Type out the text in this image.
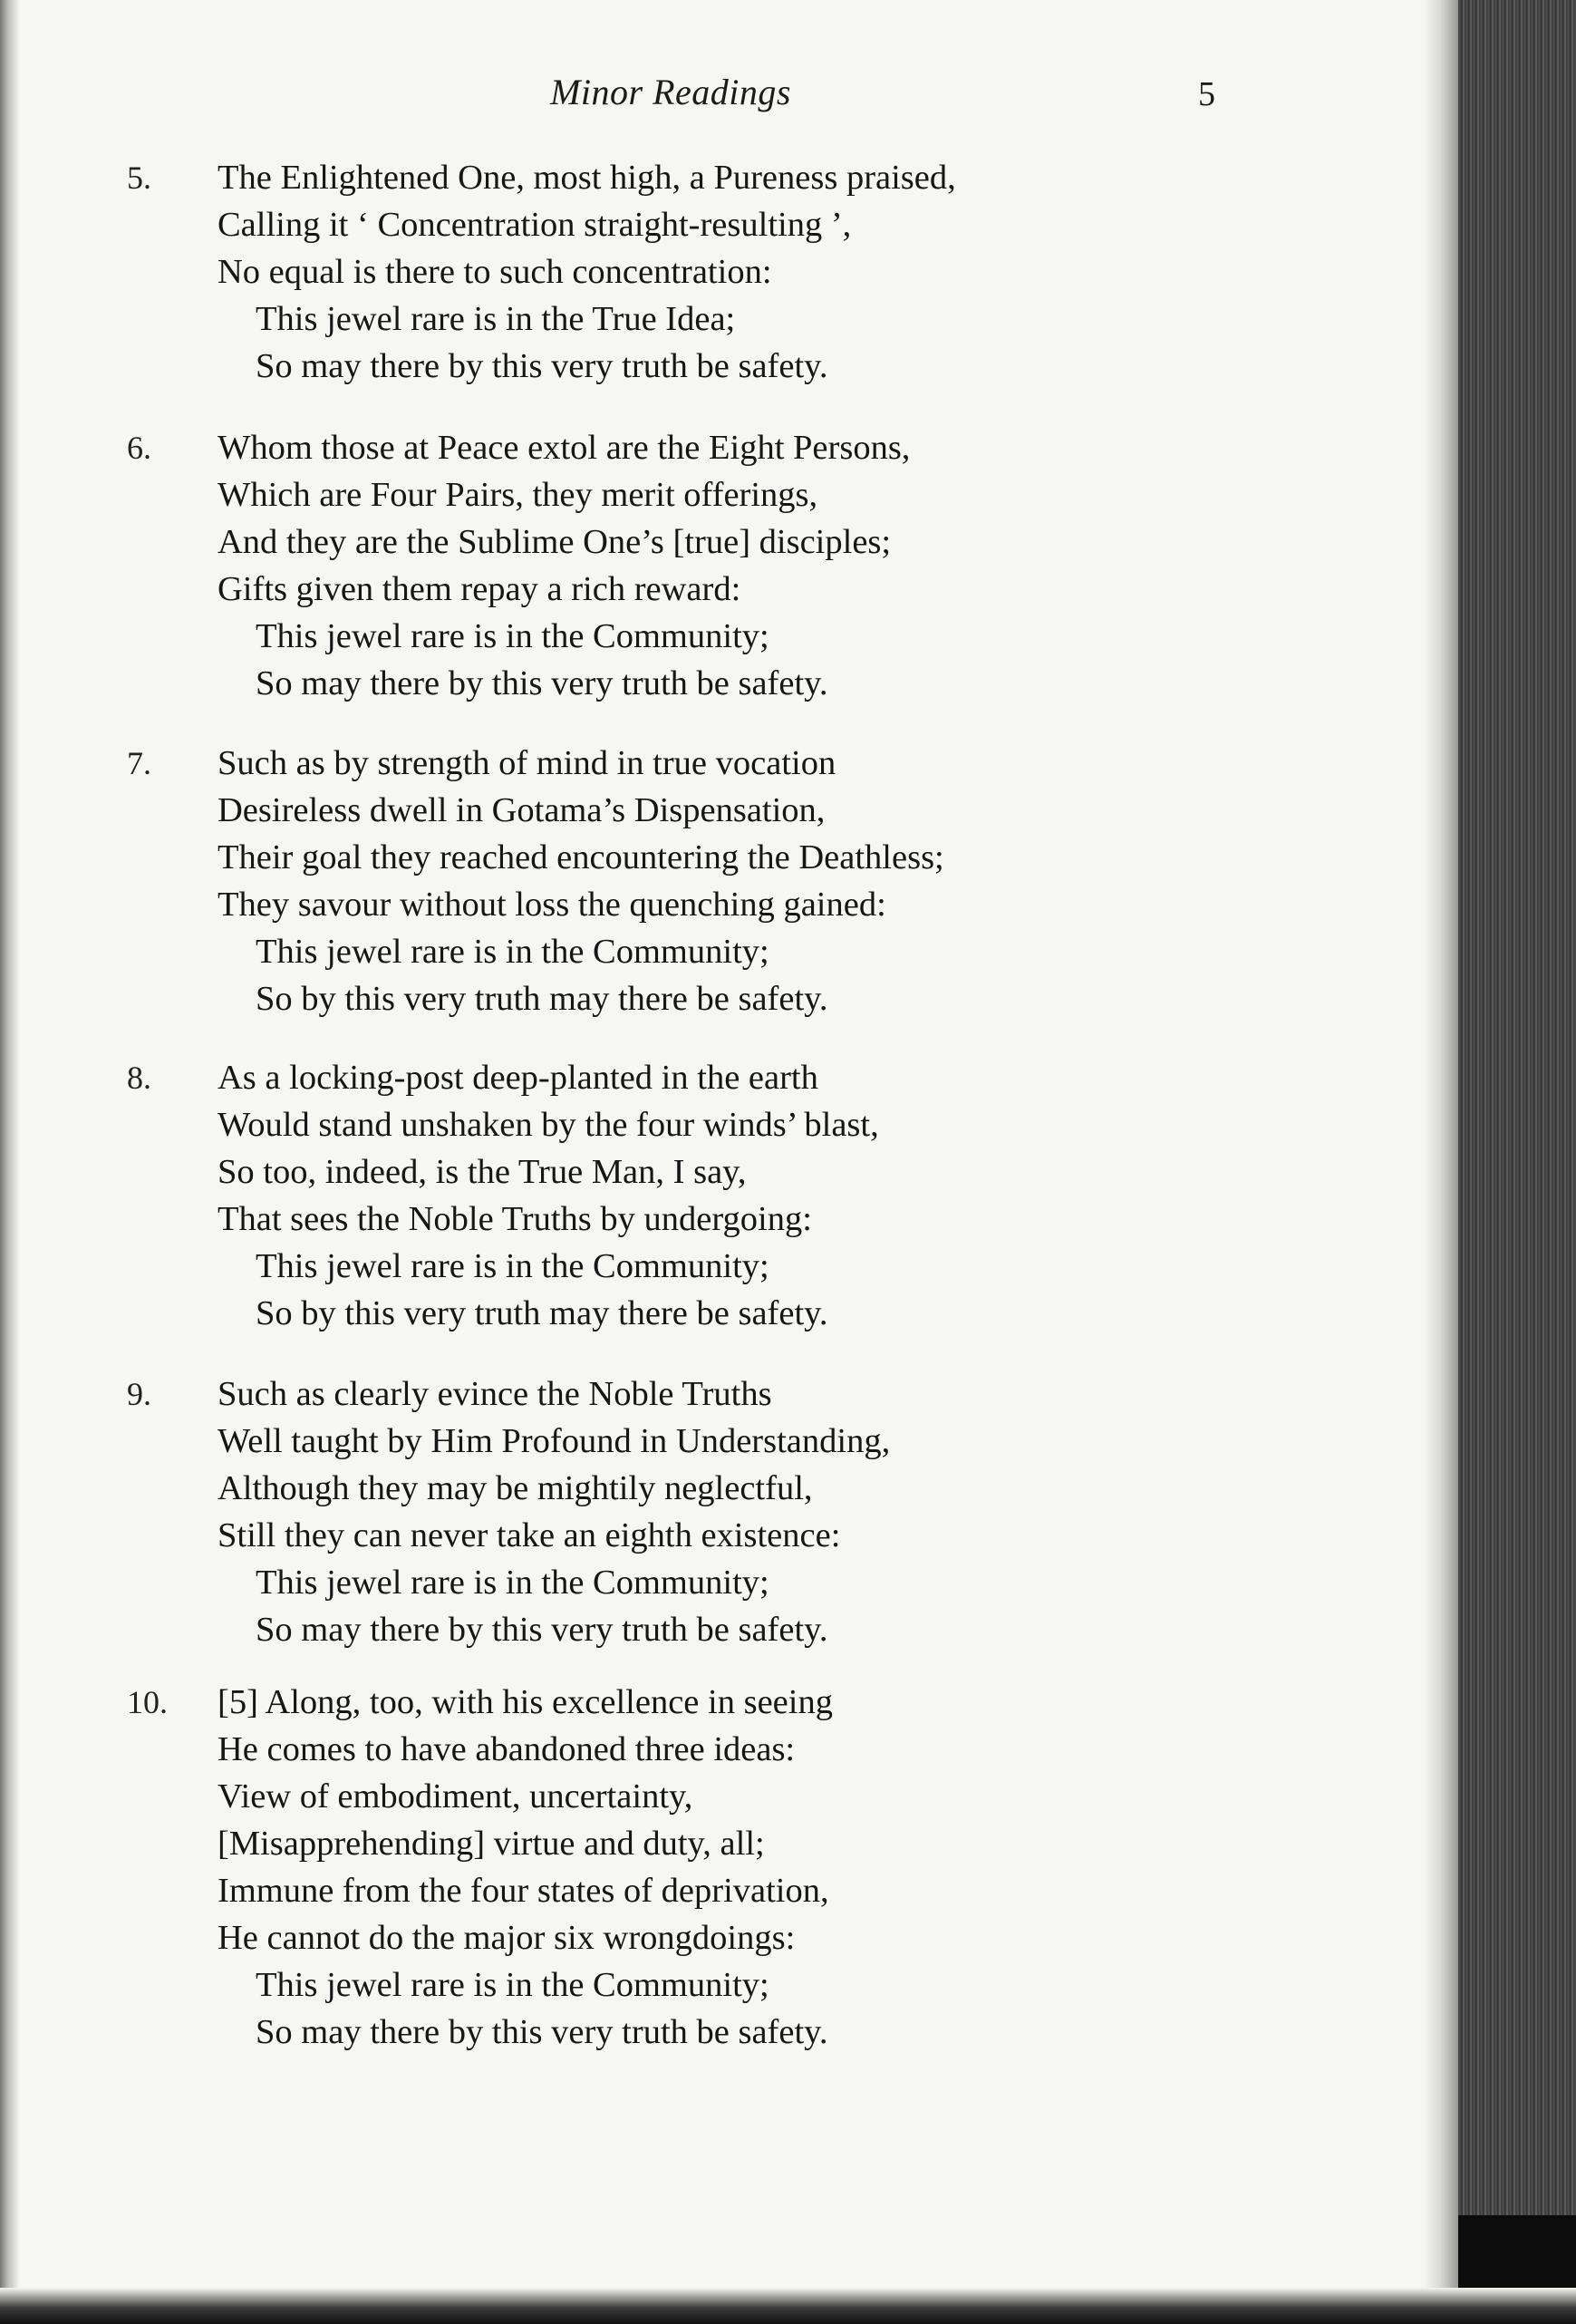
Minor Readings	5
5. The Enlightened One, most high, a Pureness praised,
Calling it ‘ Concentration straight-resulting ’,
No equal is there to such concentration:
This jewel rare is in the True Idea;
So may there by this very truth be safety.
6. Whom those at Peace extol are the Eight Persons,
Which are Four Pairs, they merit offerings,
And they are the Sublime One’s [true] disciples;
Gifts given them repay a rich reward:
This jewel rare is in the Community;
So may there by this very truth be safety.
7. Such as by strength of mind in true vocation
Desireless dwell in Gotama’s Dispensation,
Their goal they reached encountering the Deathless;
They savour without loss the quenching gained:
This jewel rare is in the Community;
So by this very truth may there be safety.
8. As a locking-post deep-planted in the earth
Would stand unshaken by the four winds’ blast,
So too, indeed, is the True Man, I say,
That sees the Noble Truths by undergoing:
This jewel rare is in the Community;
So by this very truth may there be safety.
9. Such as clearly evince the Noble Truths
Well taught by Him Profound in Understanding,
Although they may be mightily neglectful,
Still they can never take an eighth existence:
This jewel rare is in the Community;
So may there by this very truth be safety.
10. [5] Along, too, with his excellence in seeing
He comes to have abandoned three ideas:
View of embodiment, uncertainty,
[Misapprehending] virtue and duty, all;
Immune from the four states of deprivation,
He cannot do the major six wrongdoings:
This jewel rare is in the Community;
So may there by this very truth be safety.
